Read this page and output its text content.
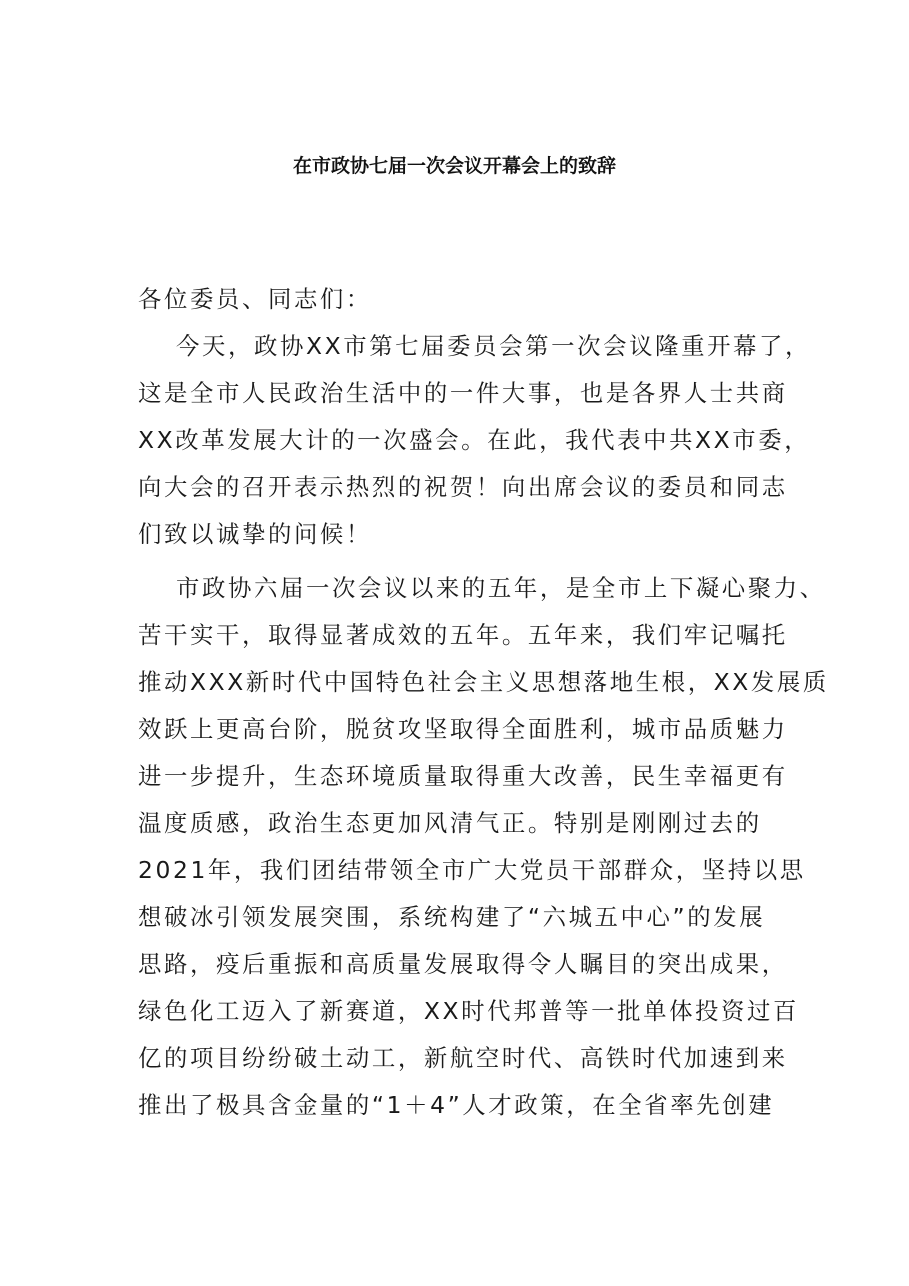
在市政协七届一次会议开幕会上的致辞
各位委员、同志们：
今天，政协XX市第七届委员会第一次会议隆重开幕了，
这是全市人民政治生活中的一件大事，也是各界人士共商
XX改革发展大计的一次盛会。在此，我代表中共XX市委，
向大会的召开表示热烈的祝贺！向出席会议的委员和同志
们致以诚挚的问候！
市政协六届一次会议以来的五年，是全市上下凝心聚力、
苦干实干，取得显著成效的五年。五年来，我们牢记嘱托
推动XXX新时代中国特色社会主义思想落地生根，XX发展质
效跃上更高台阶，脱贫攻坚取得全面胜利，城市品质魅力
进一步提升，生态环境质量取得重大改善，民生幸福更有
温度质感，政治生态更加风清气正。特别是刚刚过去的
2021年，我们团结带领全市广大党员干部群众，坚持以思
想破冰引领发展突围，系统构建了“六城五中心”的发展
思路，疫后重振和高质量发展取得令人瞩目的突出成果，
绿色化工迈入了新赛道，XX时代邦普等一批单体投资过百
亿的项目纷纷破土动工，新航空时代、高铁时代加速到来
推出了极具含金量的“1＋4”人才政策，在全省率先创建
